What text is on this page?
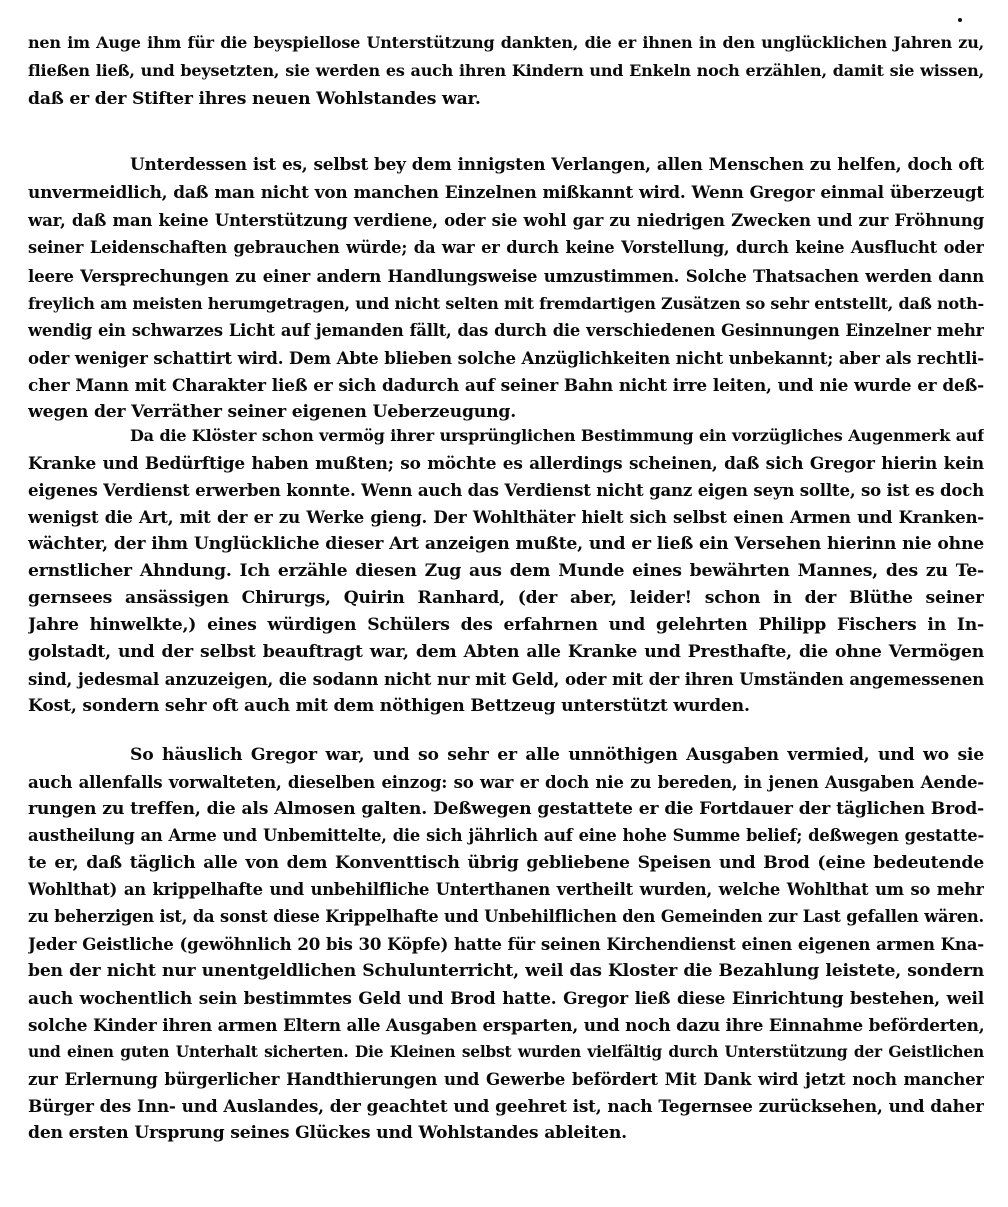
nen im Auge ihm für die beyspiellose Unterstützung dankten, die er ihnen in den unglücklichen Jahren zu,
fließen ließ, und beysetzten, sie werden es auch ihren Kindern und Enkeln noch erzählen, damit sie wissen,
daß er der Stifter ihres neuen Wohlstandes war.
Unterdessen ist es, selbst bey dem innigsten Verlangen, allen Menschen zu helfen, doch oft
unvermeidlich, daß man nicht von manchen Einzelnen mißkannt wird. Wenn Gregor einmal überzeugt
war, daß man keine Unterstützung verdiene, oder sie wohl gar zu niedrigen Zwecken und zur Fröhnung
seiner Leidenschaften gebrauchen würde; da war er durch keine Vorstellung, durch keine Ausflucht oder
leere Versprechungen zu einer andern Handlungsweise umzustimmen. Solche Thatsachen werden dann
freylich am meisten herumgetragen, und nicht selten mit fremdartigen Zusätzen so sehr entstellt, daß noth-
wendig ein schwarzes Licht auf jemanden fällt, das durch die verschiedenen Gesinnungen Einzelner mehr
oder weniger schattirt wird. Dem Abte blieben solche Anzüglichkeiten nicht unbekannt; aber als rechtli-
cher Mann mit Charakter ließ er sich dadurch auf seiner Bahn nicht irre leiten, und nie wurde er deß-
wegen der Verräther seiner eigenen Ueberzeugung.
Da die Klöster schon vermög ihrer ursprünglichen Bestimmung ein vorzügliches Augenmerk auf
Kranke und Bedürftige haben mußten; so möchte es allerdings scheinen, daß sich Gregor hierin kein
eigenes Verdienst erwerben konnte. Wenn auch das Verdienst nicht ganz eigen seyn sollte, so ist es doch
wenigst die Art, mit der er zu Werke gieng. Der Wohlthäter hielt sich selbst einen Armen und Kranken-
wächter, der ihm Unglückliche dieser Art anzeigen mußte, und er ließ ein Versehen hierinn nie ohne
ernstlicher Ahndung. Ich erzähle diesen Zug aus dem Munde eines bewährten Mannes, des zu Te-
gernsees ansässigen Chirurgs, Quirin Ranhard, (der aber, leider! schon in der Blüthe seiner
Jahre hinwelkte,) eines würdigen Schülers des erfahrnen und gelehrten Philipp Fischers in In-
golstadt, und der selbst beauftragt war, dem Abten alle Kranke und Presthafte, die ohne Vermögen
sind, jedesmal anzuzeigen, die sodann nicht nur mit Geld, oder mit der ihren Umständen angemessenen
Kost, sondern sehr oft auch mit dem nöthigen Bettzeug unterstützt wurden.
So häuslich Gregor war, und so sehr er alle unnöthigen Ausgaben vermied, und wo sie
auch allenfalls vorwalteten, dieselben einzog: so war er doch nie zu bereden, in jenen Ausgaben Aende-
rungen zu treffen, die als Almosen galten. Deßwegen gestattete er die Fortdauer der täglichen Brod-
austheilung an Arme und Unbemittelte, die sich jährlich auf eine hohe Summe belief; deßwegen gestatte-
te er, daß täglich alle von dem Konventtisch übrig gebliebene Speisen und Brod (eine bedeutende
Wohlthat) an krippelhafte und unbehilfliche Unterthanen vertheilt wurden, welche Wohlthat um so mehr
zu beherzigen ist, da sonst diese Krippelhafte und Unbehilflichen den Gemeinden zur Last gefallen wären.
Jeder Geistliche (gewöhnlich 20 bis 30 Köpfe) hatte für seinen Kirchendienst einen eigenen armen Kna-
ben der nicht nur unentgeldlichen Schulunterricht, weil das Kloster die Bezahlung leistete, sondern
auch wochentlich sein bestimmtes Geld und Brod hatte. Gregor ließ diese Einrichtung bestehen, weil
solche Kinder ihren armen Eltern alle Ausgaben ersparten, und noch dazu ihre Einnahme beförderten,
und einen guten Unterhalt sicherten. Die Kleinen selbst wurden vielfältig durch Unterstützung der Geistlichen
zur Erlernung bürgerlicher Handthierungen und Gewerbe befördert Mit Dank wird jetzt noch mancher
Bürger des Inn- und Auslandes, der geachtet und geehret ist, nach Tegernsee zurücksehen, und daher
den ersten Ursprung seines Glückes und Wohlstandes ableiten.
